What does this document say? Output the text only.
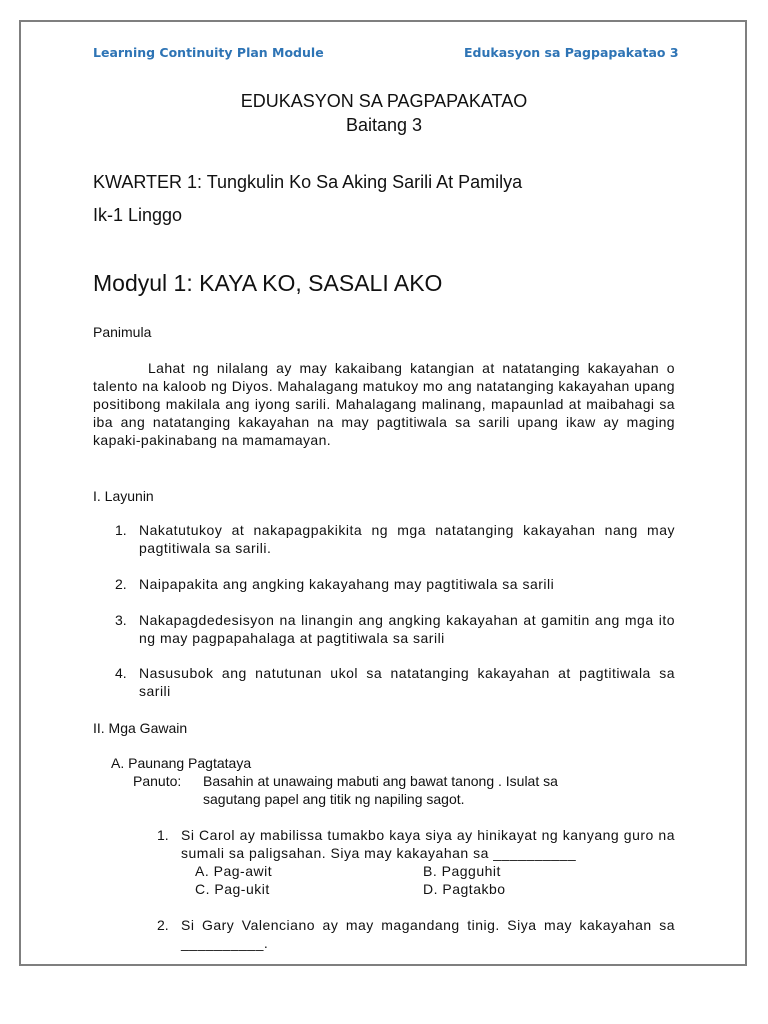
Learning Continuity Plan Module	Edukasyon sa Pagpapakatao 3
EDUKASYON SA PAGPAPAKATAO
Baitang 3
KWARTER 1: Tungkulin Ko Sa Aking Sarili At Pamilya
Ik-1 Linggo
Modyul 1: KAYA KO, SASALI AKO
Panimula
Lahat ng nilalang ay may kakaibang katangian at natatanging kakayahan o talento na kaloob ng Diyos. Mahalagang matukoy mo ang natatanging kakayahan upang positibong makilala ang iyong sarili. Mahalagang malinang, mapaunlad at maibahagi sa iba ang natatanging kakayahan na may pagtitiwala sa sarili upang ikaw ay maging kapaki-pakinabang na mamamayan.
I. Layunin
1. Nakatutukoy at nakapagpakikita ng mga natatanging kakayahan nang may pagtitiwala sa sarili.
2. Naipapakita ang angking kakayahang may pagtitiwala sa sarili
3. Nakapagdedesisyon na linangin ang angking kakayahan at gamitin ang mga ito ng may pagpapahalaga at pagtitiwala sa sarili
4. Nasusubok ang natutunan ukol sa natatanging kakayahan at pagtitiwala sa sarili
II. Mga Gawain
A. Paunang Pagtataya
Panuto: Basahin at unawaing mabuti ang bawat tanong . Isulat sa
sagutang papel ang titik ng napiling sagot.
1. Si Carol ay mabilissa tumakbo kaya siya ay hinikayat ng kanyang guro na sumali sa paligsahan. Siya may kakayahan sa __________
A. Pag-awit	B. Pagguhit
C. Pag-ukit	D. Pagtakbo
2. Si Gary Valenciano ay may magandang tinig. Siya may kakayahan sa __________.
